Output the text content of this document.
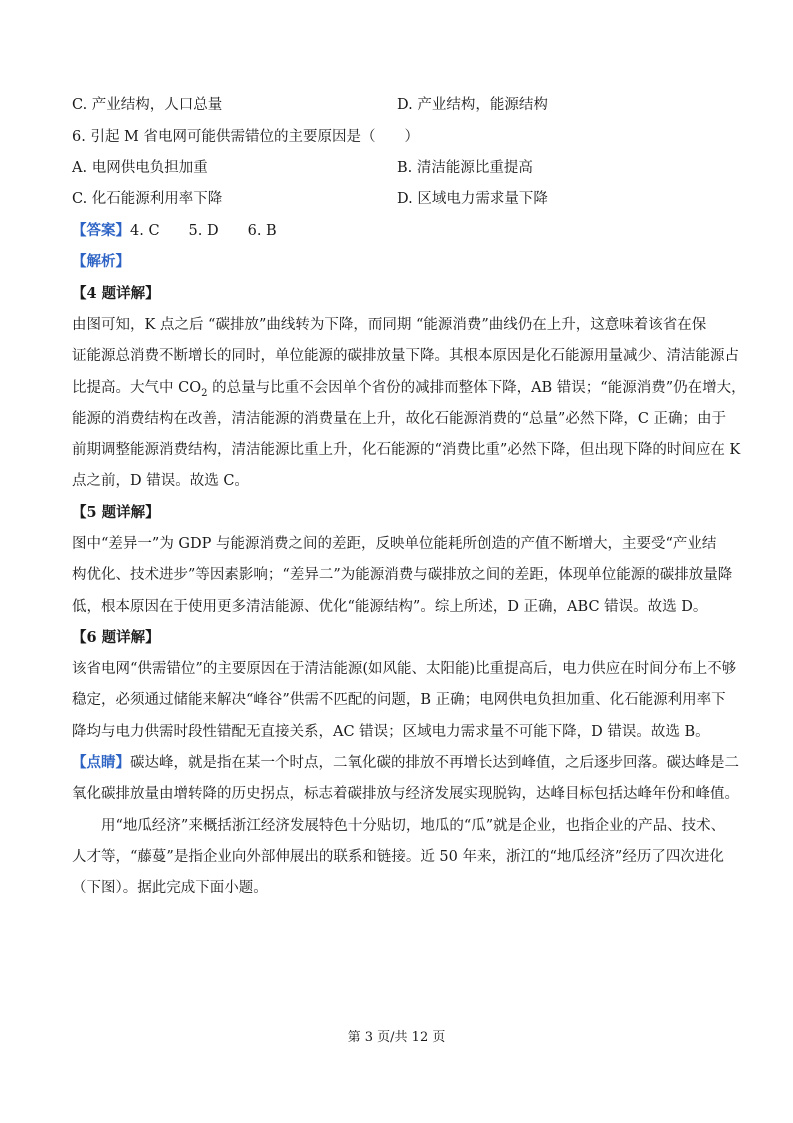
C. 产业结构，人口总量	D. 产业结构，能源结构
6. 引起 M 省电网可能供需错位的主要原因是（　　）
A. 电网供电负担加重	B. 清洁能源比重提高
C. 化石能源利用率下降	D. 区域电力需求量下降
【答案】4. C　　5. D　　6. B
【解析】
【4 题详解】
由图可知，K 点之后 “碳排放”曲线转为下降，而同期 “能源消费”曲线仍在上升，这意味着该省在保
证能源总消费不断增长的同时，单位能源的碳排放量下降。其根本原因是化石能源用量减少、清洁能源占
比提高。大气中 $CO_2$ 的总量与比重不会因单个省份的减排而整体下降，AB 错误；“能源消费”仍在增大，
能源的消费结构在改善，清洁能源的消费量在上升，故化石能源消费的“总量”必然下降，C 正确；由于
前期调整能源消费结构，清洁能源比重上升，化石能源的“消费比重”必然下降，但出现下降的时间应在 K
点之前，D 错误。故选 C。
【5 题详解】
图中“差异一”为 GDP 与能源消费之间的差距，反映单位能耗所创造的产值不断增大，主要受“产业结
构优化、技术进步”等因素影响；“差异二”为能源消费与碳排放之间的差距，体现单位能源的碳排放量降
低，根本原因在于使用更多清洁能源、优化“能源结构”。综上所述，D 正确，ABC 错误。故选 D。
【6 题详解】
该省电网“供需错位”的主要原因在于清洁能源(如风能、太阳能)比重提高后，电力供应在时间分布上不够
稳定，必须通过储能来解决“峰谷”供需不匹配的问题，B 正确；电网供电负担加重、化石能源利用率下
降均与电力供需时段性错配无直接关系，AC 错误；区域电力需求量不可能下降，D 错误。故选 B。
【点睛】碳达峰，就是指在某一个时点，二氧化碳的排放不再增长达到峰值，之后逐步回落。碳达峰是二
氧化碳排放量由增转降的历史拐点，标志着碳排放与经济发展实现脱钩，达峰目标包括达峰年份和峰值。
用“地瓜经济”来概括浙江经济发展特色十分贴切，地瓜的“瓜”就是企业，也指企业的产品、技术、
人才等，“藤蔓”是指企业向外部伸展出的联系和链接。近 50 年来，浙江的“地瓜经济”经历了四次进化
（下图）。据此完成下面小题。
第 3 页/共 12 页
